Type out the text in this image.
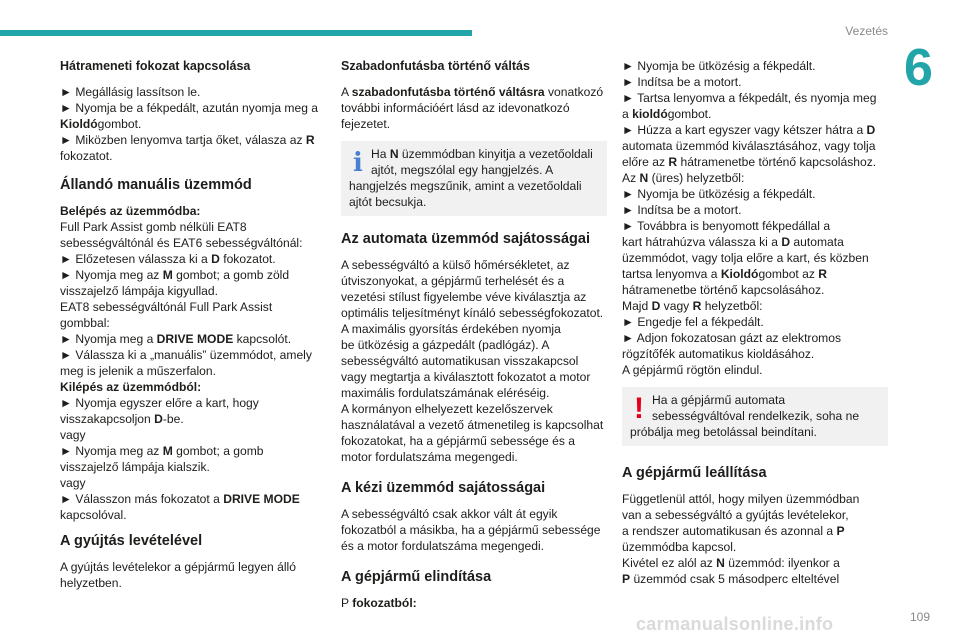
Vezetés
6
Hátrameneti fokozat kapcsolása
► Megállásig lassítson le.
► Nyomja be a fékpedált, azután nyomja meg a
Kioldógombot.
► Miközben lenyomva tartja őket, válasza az R
fokozatot.
Állandó manuális üzemmód
Belépés az üzemmódba:
Full Park Assist gomb nélküli EAT8
sebességváltónál és EAT6 sebességváltónál:
► Előzetesen válassza ki a D fokozatot.
► Nyomja meg az M gombot; a gomb zöld
visszajelző lámpája kigyullad.
EAT8 sebességváltónál Full Park Assist
gombbal:
► Nyomja meg a DRIVE MODE kapcsolót.
► Válassza ki a „manuális” üzemmódot, amely
meg is jelenik a műszerfalon.
Kilépés az üzemmódból:
► Nyomja egyszer előre a kart, hogy
visszakapcsoljon D-be.
vagy
► Nyomja meg az M gombot; a gomb
visszajelző lámpája kialszik.
vagy
► Válasszon más fokozatot a DRIVE MODE
kapcsolóval.
A gyújtás levételével
A gyújtás levételekor a gépjármű legyen álló
helyzetben.
Szabadonfutásba történő váltás
A szabadonfutásba történő váltásra vonatkozó
további információért lásd az idevonatkozó
fejezetet.
i Ha N üzemmódban kinyitja a vezetőoldali
ajtót, megszólal egy hangjelzés. A
hangjelzés megszűnik, amint a vezetőoldali
ajtót becsukja.
Az automata üzemmód sajátosságai
A sebességváltó a külső hőmérsékletet, az
útviszonyokat, a gépjármű terhelését és a
vezetési stílust figyelembe véve kiválasztja az
optimális teljesítményt kínáló sebességfokozatot.
A maximális gyorsítás érdekében nyomja
be ütközésig a gázpedált (padlógáz). A
sebességváltó automatikusan visszakapcsol
vagy megtartja a kiválasztott fokozatot a motor
maximális fordulatszámának eléréséig.
A kormányon elhelyezett kezelőszervek
használatával a vezető átmenetileg is kapcsolhat
fokozatokat, ha a gépjármű sebessége és a
motor fordulatszáma megengedi.
A kézi üzemmód sajátosságai
A sebességváltó csak akkor vált át egyik
fokozatból a másikba, ha a gépjármű sebessége
és a motor fordulatszáma megengedi.
A gépjármű elindítása
P fokozatból:
► Nyomja be ütközésig a fékpedált.
► Indítsa be a motort.
► Tartsa lenyomva a fékpedált, és nyomja meg
a kioldógombot.
► Húzza a kart egyszer vagy kétszer hátra a D
automata üzemmód kiválasztásához, vagy tolja
előre az R hátramenetbe történő kapcsoláshoz.
Az N (üres) helyzetből:
► Nyomja be ütközésig a fékpedált.
► Indítsa be a motort.
► Továbbra is benyomott fékpedállal a
kart hátrahúzva válassza ki a D automata
üzemmódot, vagy tolja előre a kart, és közben
tartsa lenyomva a Kioldógombot az R
hátramenetbe történő kapcsolásához.
Majd D vagy R helyzetből:
► Engedje fel a fékpedált.
► Adjon fokozatosan gázt az elektromos
rögzítőfék automatikus kioldásához.
A gépjármű rögtön elindul.
! Ha a gépjármű automata
sebességváltóval rendelkezik, soha ne
próbálja meg betolással beindítani.
A gépjármű leállítása
Függetlenül attól, hogy milyen üzemmódban
van a sebességváltó a gyújtás levételekor,
a rendszer automatikusan és azonnal a P
üzemmódba kapcsol.
Kivétel ez alól az N üzemmód: ilyenkor a
P üzemmód csak 5 másodperc elteltével
carmanualsonline.info	109
